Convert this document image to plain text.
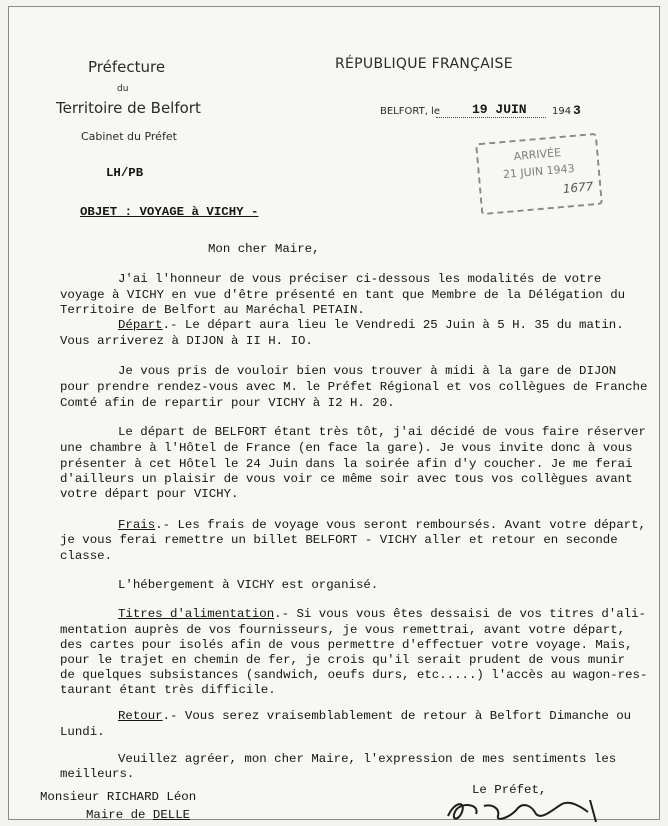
Préfecture
du
Territoire de Belfort
Cabinet du Préfet
RÉPUBLIQUE FRANÇAISE
BELFORT, le 19 JUIN	194 3
ARRIVÉE
21 JUIN 1943
1677
LH/PB
OBJET : VOYAGE à VICHY -
Mon cher Maire,
J'ai l'honneur de vous préciser ci-dessous les modalités de votre
voyage à VICHY en vue d'être présenté en tant que Membre de la Délégation du
Territoire de Belfort au Maréchal PETAIN.
Départ.- Le départ aura lieu le Vendredi 25 Juin à 5 H. 35 du matin.
Vous arriverez à DIJON à II H. IO.
Je vous pris de vouloir bien vous trouver à midi à la gare de DIJON
pour prendre rendez-vous avec M. le Préfet Régional et vos collègues de Franche
Comté afin de repartir pour VICHY à I2 H. 20.
Le départ de BELFORT étant très tôt, j'ai décidé de vous faire réserver
une chambre à l'Hôtel de France (en face la gare). Je vous invite donc à vous
présenter à cet Hôtel le 24 Juin dans la soirée afin d'y coucher. Je me ferai
d'ailleurs un plaisir de vous voir ce même soir avec tous vos collègues avant
votre départ pour VICHY.
Frais.- Les frais de voyage vous seront remboursés. Avant votre départ,
je vous ferai remettre un billet BELFORT - VICHY aller et retour en seconde
classe.
L'hébergement à VICHY est organisé.
Titres d'alimentation.- Si vous vous êtes dessaisi de vos titres d'ali-
mentation auprès de vos fournisseurs, je vous remettrai, avant votre départ,
des cartes pour isolés afin de vous permettre d'effectuer votre voyage. Mais,
pour le trajet en chemin de fer, je crois qu'il serait prudent de vous munir
de quelques subsistances (sandwich, oeufs durs, etc.....) l'accès au wagon-res-
taurant étant très difficile.
Retour.- Vous serez vraisemblablement de retour à Belfort Dimanche ou
Lundi.
Veuillez agréer, mon cher Maire, l'expression de mes sentiments les
meilleurs.
Le Préfet,
Monsieur RICHARD Léon
Maire de DELLE
